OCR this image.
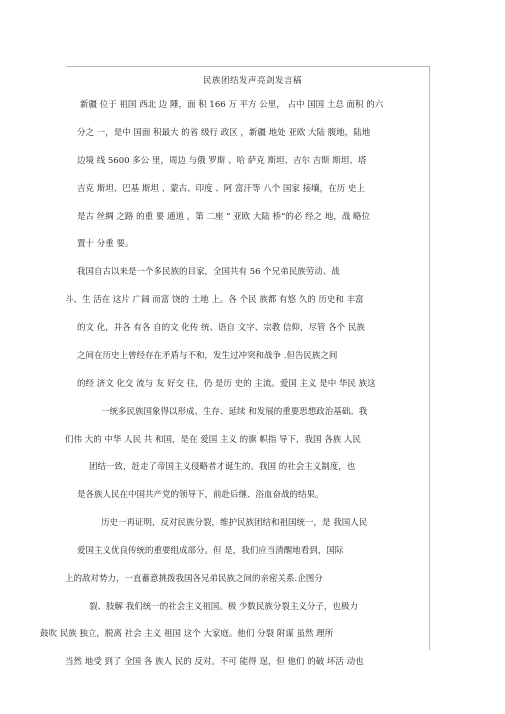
民族团结发声亮剑发言稿
新疆 位于 祖国 西北 边 陲，面 积 166 万 平方 公里， 占中 国国 土总 面积 的六
分之 一，是中 国面 积最大 的省 级行 政区 ，新疆 地处 亚欧 大陆 腹地，陆地
边境 线 5600 多公 里，周边 与俄 罗斯 、哈 萨克 斯坦、吉尔 吉斯 斯坦、塔
吉克 斯坦、巴基 斯坦 、蒙古、印度 、阿 富汗等 八个 国家 接壤，在历 史上
是古 丝绸 之路 的重 要 通道 ，第 二座 ” 亚欧 大陆 桥”的必 经之 地，战 略位
置十 分重 要。
我国自古以来是一个多民族的目家，全国共有 56 个兄弟民族劳动、战
斗、生 活在 这片 广阔 而富 饶的 土地 上。各 个民 族都 有悠 久的 历史和 丰富
的文 化，并各 有各 自的文 化传 统、语自 文字、宗教 信仰，尽管 各个 民族
之间在历史上曾经存在矛盾与不和，发生过冲突和战争 .但告民族之间
的经 济文 化交 流与 友 好交 往，仍 是历 史的 主流。爱国 主义 是中 华民 族这
一统多民族国象得以形成、生存、延续 和发展的重要思想政治基础。我
们伟 大的 中华 人民 共 和国，是在 爱国 主义 的旗 帜指 导下，我国 各族 人民
团结一致，赶走了帝国主义侵略者才诞生的。我国 的社会主义制度，也
是各族人民在中国共产党的领导下，前赴后继、浴血奋战的结果。
历史一再证明，反对民族分裂，维护民族团结和祖国统一，是 我国人民
爱国主义优良传统的重要组成部分。但 是，我们应当清醒地看到，国际
上的敌对势力，一直蓄意挑拨我国各兄弟民族之间的亲密关系.企图分
裂、肢解 我们统一的社会主义祖国。极 少数民族分裂主义分子，也极力
鼓吹 民族 独立，脱离 社会 主义 祖国 这个 大家庭。他们 分裂 附谋 虽然 理所
当然 地受 到了 全国 各 族人 民的 反对。不可 能得 逞，但 他们 的破 坏活 动也
